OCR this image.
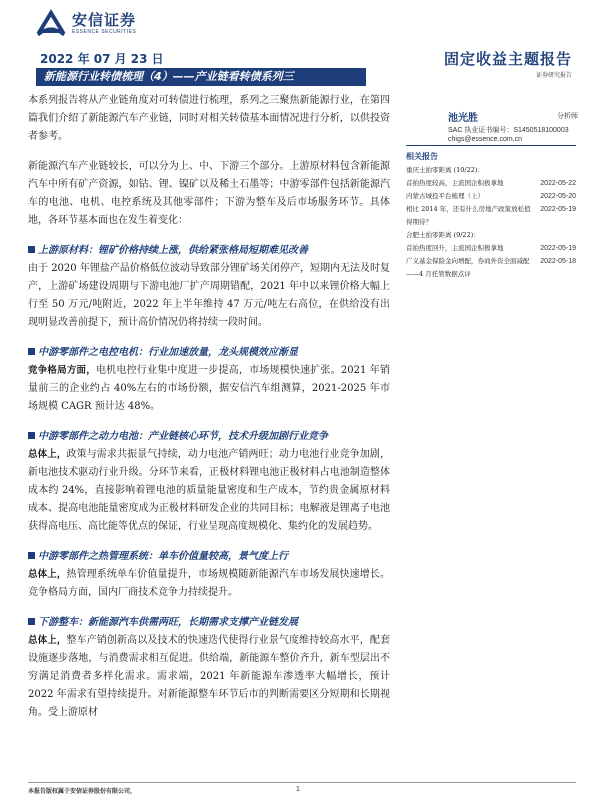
安信证券
ESSENCE SECURITIES
2022 年 07 月 23 日	固定收益主题报告
证券研究报告
新能源行业转债梳理（4）——产业链看转债系列三
池光胜	分析师
SAC 执业证书编号：S1450518100003
chigs@essence.com.cn
相关报告
重庆土拍零距离 (10/22)：
首拍热度较高，主流国企积极拿地	2022-05-22
内蒙古城投平台梳理（上）	2022-05-20
相比 2014 年，还有什么房地产政策放松值得期待？
2022-05-19
合肥土拍零距离 (9/22)：
首拍热度回升，主流国企积极拿地	2022-05-19
广义基金保险金向增配，券商外资全面减配——4 月托管数据点评
2022-05-18

本系列报告将从产业链角度对可转债进行梳理，系列之三聚焦新能源行业，在第四篇我们介绍了新能源汽车产业链，同时对相关转债基本面情况进行分析，以供投资者参考。

新能源汽车产业链较长，可以分为上、中、下游三个部分。上游原材料包含新能源汽车中所有矿产资源，如钴、锂、镍矿以及稀土石墨等；中游零部件包括新能源汽车的电池、电机、电控系统及其他零部件；下游为整车及后市场服务环节。具体地，各环节基本面也在发生着变化：

上游原材料：锂矿价格持续上涨，供给紧张格局短期难见改善

由于 2020 年锂盐产品价格低位波动导致部分锂矿场关闭停产，短期内无法及时复产，上游矿场建设周期与下游电池厂扩产周期错配，2021 年中以来锂价格大幅上行至 50 万元/吨附近，2022 年上半年维持 47 万元/吨左右高位，在供给没有出现明显改善前提下，预计高价情况仍将持续一段时间。

中游零部件之电控电机：行业加速放量，龙头规模效应渐显

竞争格局方面，电机电控行业集中度进一步提高，市场规模快速扩张。2021 年销量前三的企业约占 40%左右的市场份额，据安信汽车组测算，2021-2025 年市场规模 CAGR 预计达 48%。

中游零部件之动力电池：产业链核心环节，技术升级加剧行业竞争

总体上，政策与需求共振景气持续，动力电池产销两旺；动力电池行业竞争加剧，新电池技术驱动行业升级。分环节来看，正极材料锂电池正极材料占电池制造整体成本约 24%，直接影响着锂电池的质量能量密度和生产成本，节约贵金属原材料成本、提高电池能量密度成为正极材料研发企业的共同目标；电解液是锂离子电池获得高电压、高比能等优点的保证，行业呈现高度规模化、集约化的发展趋势。

中游零部件之热管理系统：单车价值量较高，景气度上行

总体上，热管理系统单车价值量提升，市场规模随新能源汽车市场发展快速增长。竞争格局方面，国内厂商技术竞争力持续提升。

下游整车：新能源汽车供需两旺，长期需求支撑产业链发展

总体上，整车产销创新高以及技术的快速迭代使得行业景气度维持较高水平，配套设施逐步落地，与消费需求相互促进。供给端，新能源车整价齐升，新车型层出不穷满足消费者多样化需求。需求端，2021 年新能源车渗透率大幅增长，预计 2022 年需求有望持续提升。对新能源整车环节后市的判断需要区分短期和长期视角。受上游原材

本报告版权属于安信证券股份有限公司，	1
